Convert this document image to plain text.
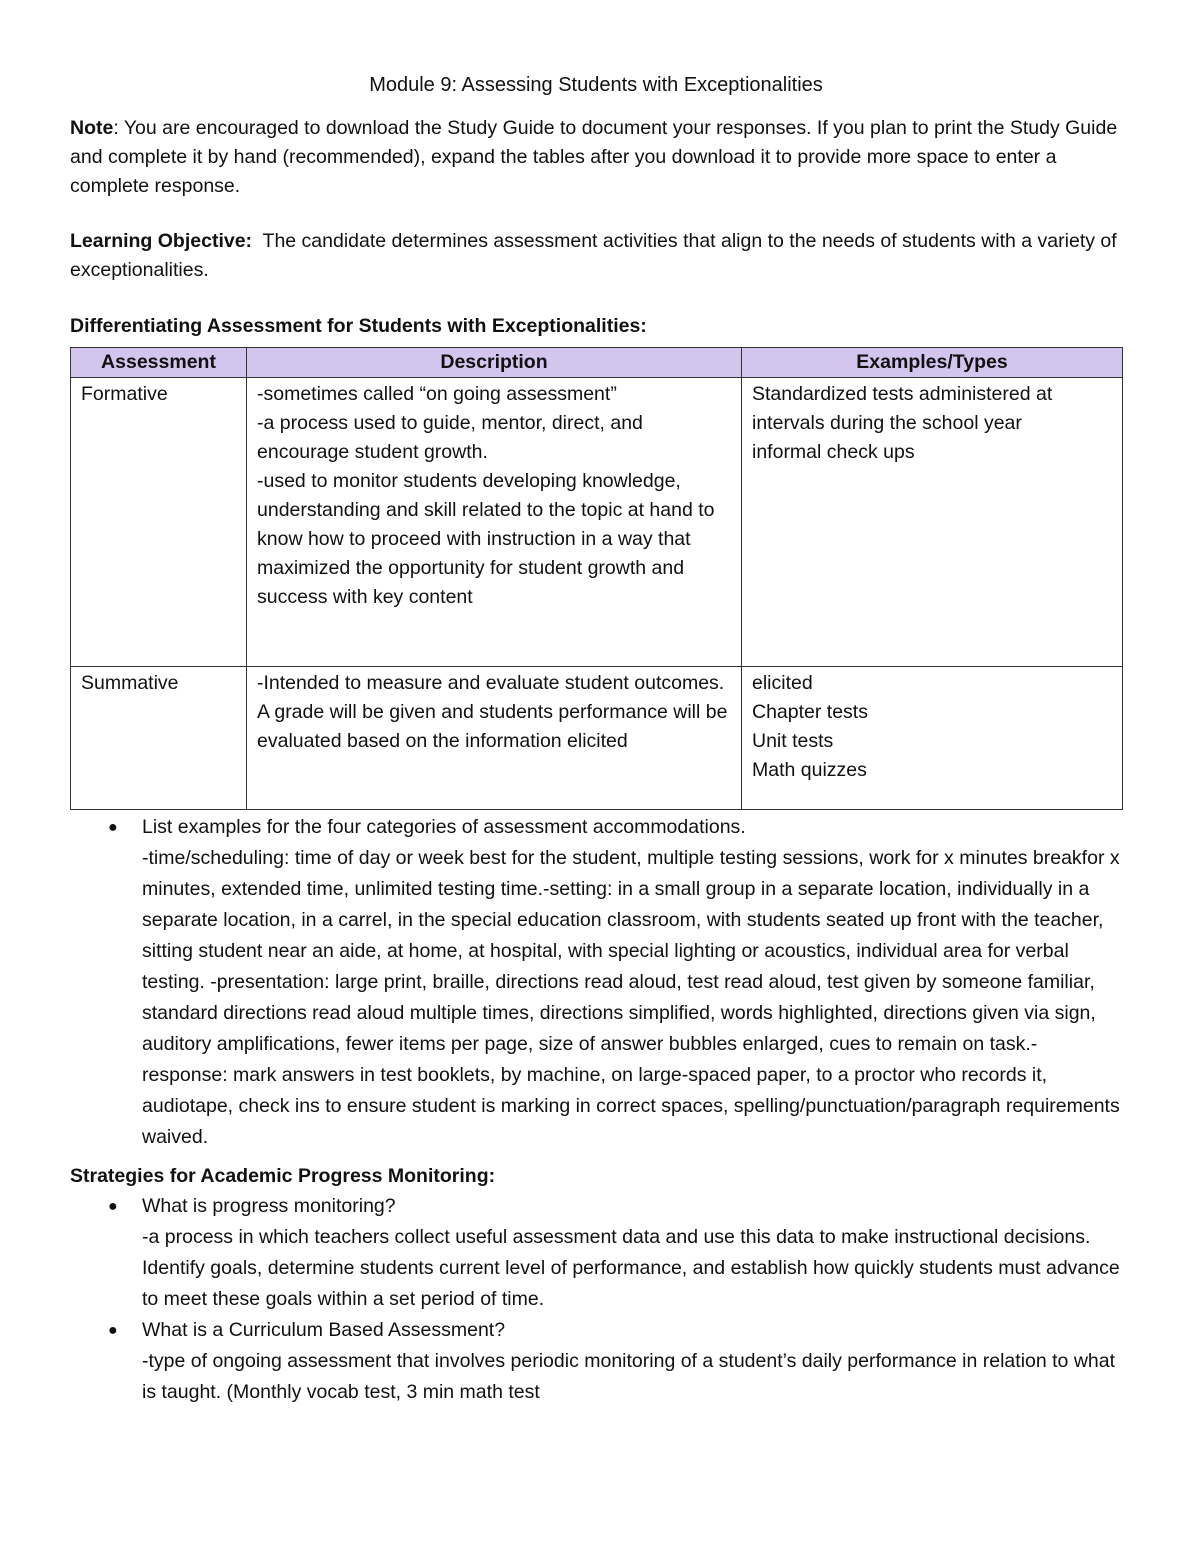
Module 9: Assessing Students with Exceptionalities

Note: You are encouraged to download the Study Guide to document your responses. If you plan to print the Study Guide and complete it by hand (recommended), expand the tables after you download it to provide more space to enter a complete response.

Learning Objective:  The candidate determines assessment activities that align to the needs of students with a variety of exceptionalities.

Differentiating Assessment for Students with Exceptionalities:

Assessment	Description	Examples/Types
Formative	-sometimes called “on going assessment”
-a process used to guide, mentor, direct, and encourage student growth.
-used to monitor students developing knowledge, understanding and skill related to the topic at hand to know how to proceed with instruction in a way that maximized the opportunity for student growth and success with key content	Standardized tests administered at intervals during the school year
informal check ups

Summative	-Intended to measure and evaluate student outcomes. A grade will be given and students performance will be evaluated based on the information elicited	elicited
Chapter tests
Unit tests
Math quizzes
● List examples for the four categories of assessment accommodations.
-time/scheduling: time of day or week best for the student, multiple testing sessions, work for x minutes breakfor x minutes, extended time, unlimited testing time.-setting: in a small group in a separate location, individually in a separate location, in a carrel, in the special education classroom, with students seated up front with the teacher, sitting student near an aide, at home, at hospital, with special lighting or acoustics, individual area for verbal testing. -presentation: large print, braille, directions read aloud, test read aloud, test given by someone familiar, standard directions read aloud multiple times, directions simplified, words highlighted, directions given via sign, auditory amplifications, fewer items per page, size of answer bubbles enlarged, cues to remain on task.-response: mark answers in test booklets, by machine, on large-spaced paper, to a proctor who records it, audiotape, check ins to ensure student is marking in correct spaces, spelling/punctuation/paragraph requirements waived.

Strategies for Academic Progress Monitoring:

● What is progress monitoring?
-a process in which teachers collect useful assessment data and use this data to make instructional decisions. Identify goals, determine students current level of performance, and establish how quickly students must advance to meet these goals within a set period of time.
● What is a Curriculum Based Assessment?
-type of ongoing assessment that involves periodic monitoring of a student’s daily performance in relation to what is taught. (Monthly vocab test, 3 min math test
